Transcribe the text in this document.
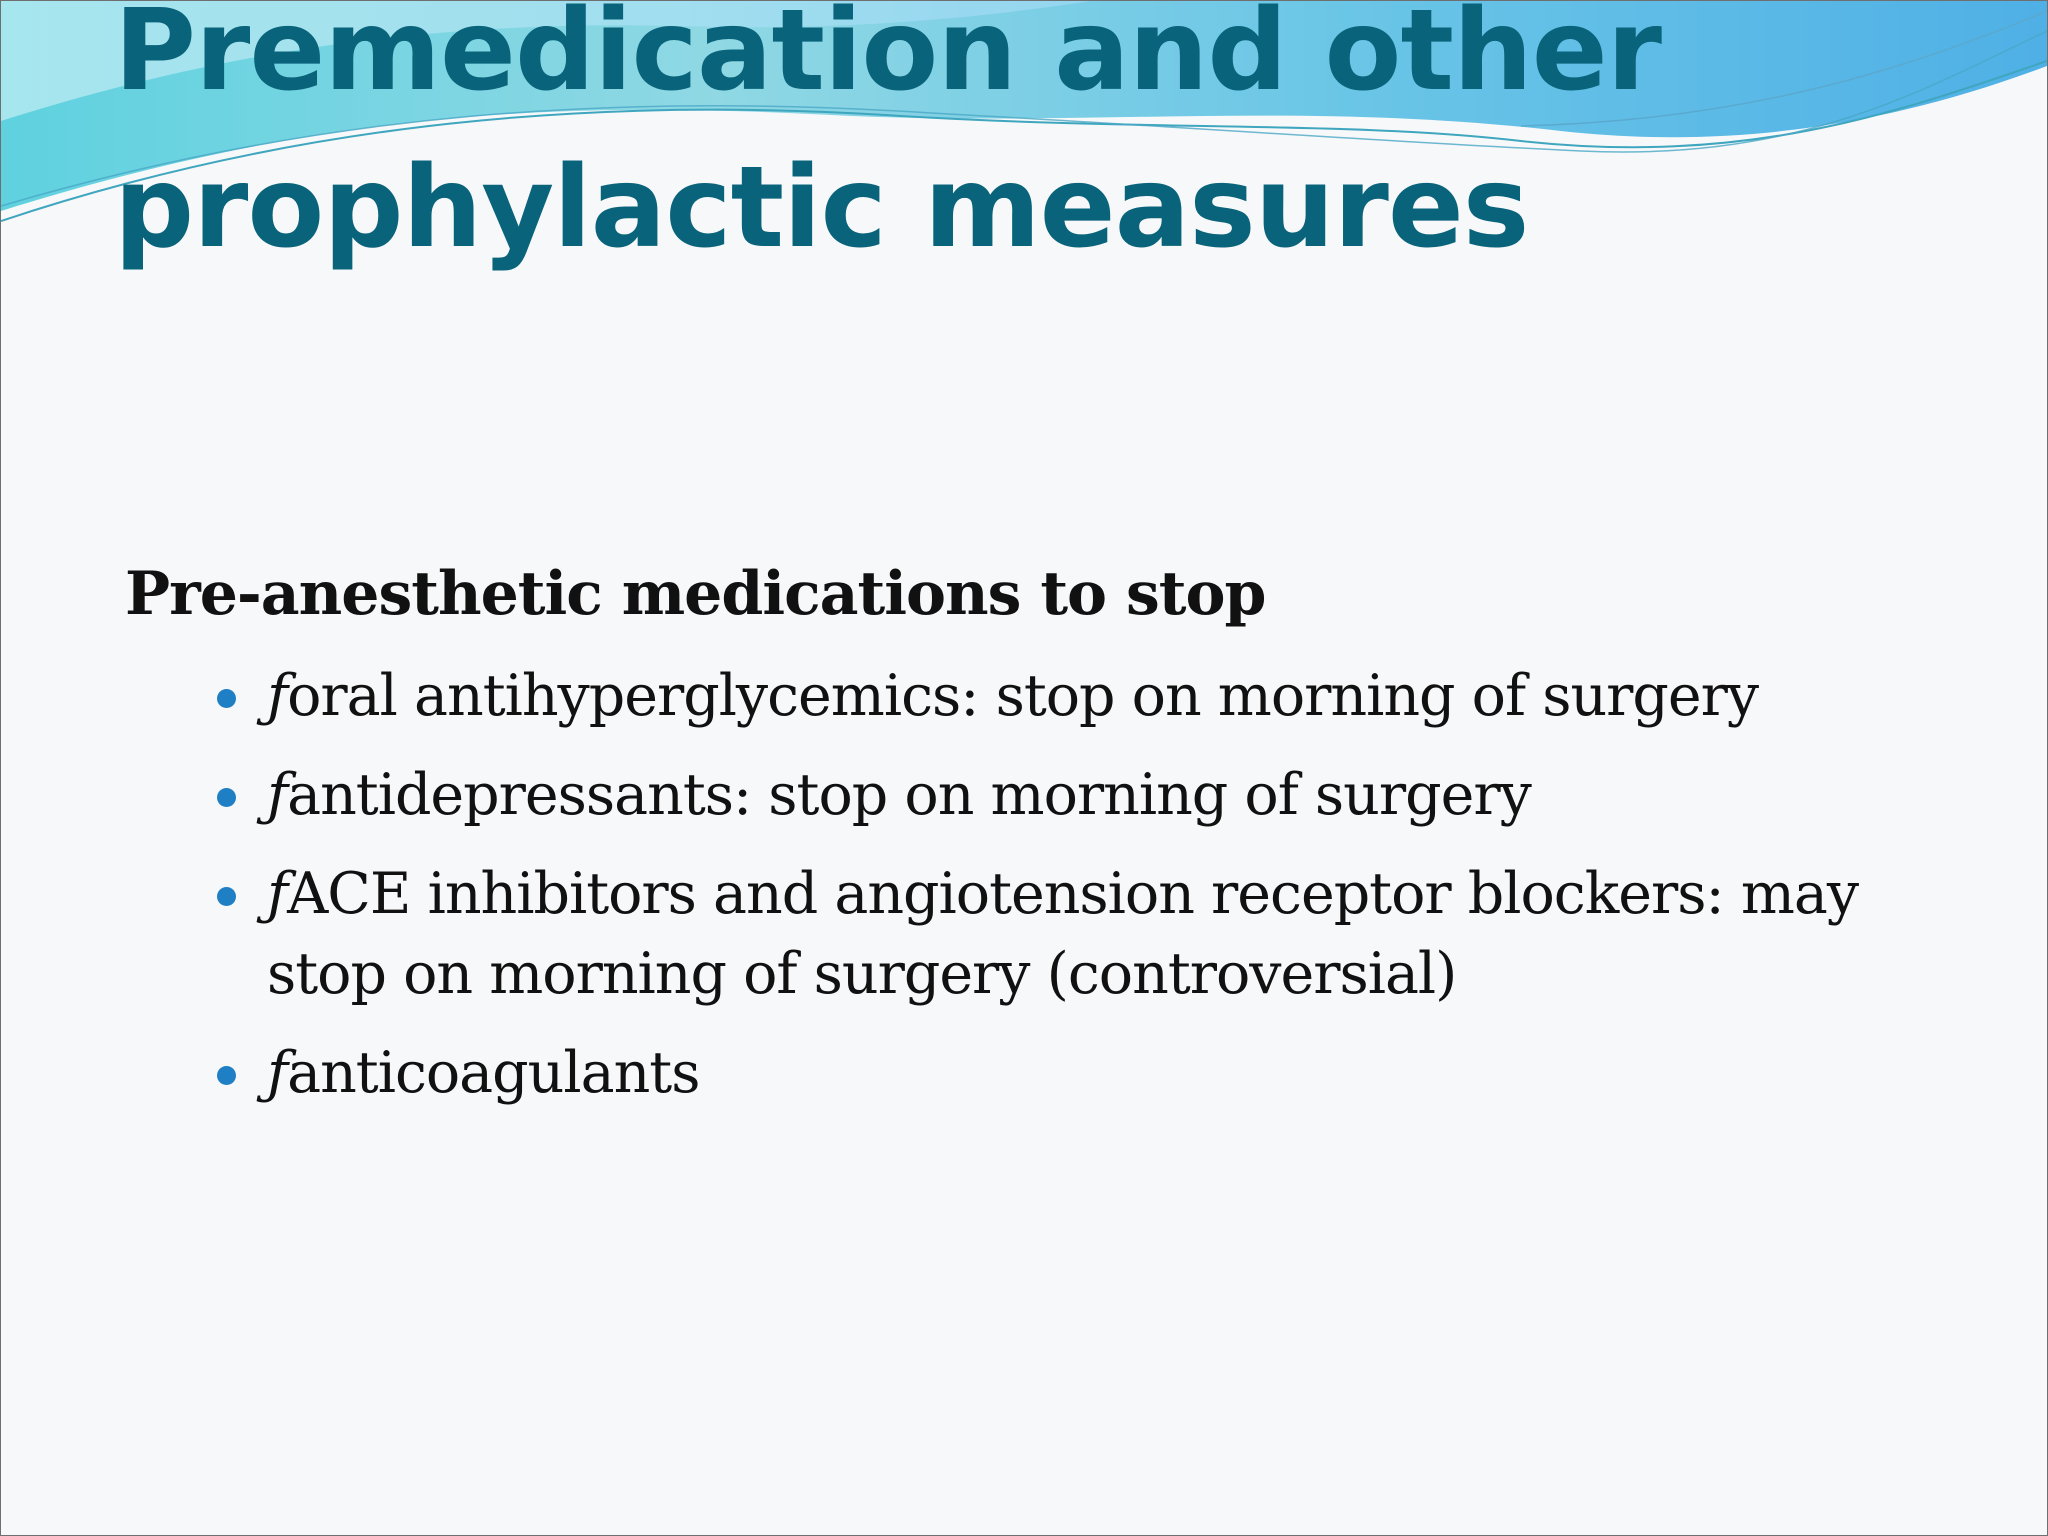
Premedication and other prophylactic measures
Pre-anesthetic medications to stop
ƒoral antihyperglycemics: stop on morning of surgery
ƒantidepressants: stop on morning of surgery
ƒACE inhibitors and angiotension receptor blockers: may stop on morning of surgery (controversial)
ƒanticoagulants
